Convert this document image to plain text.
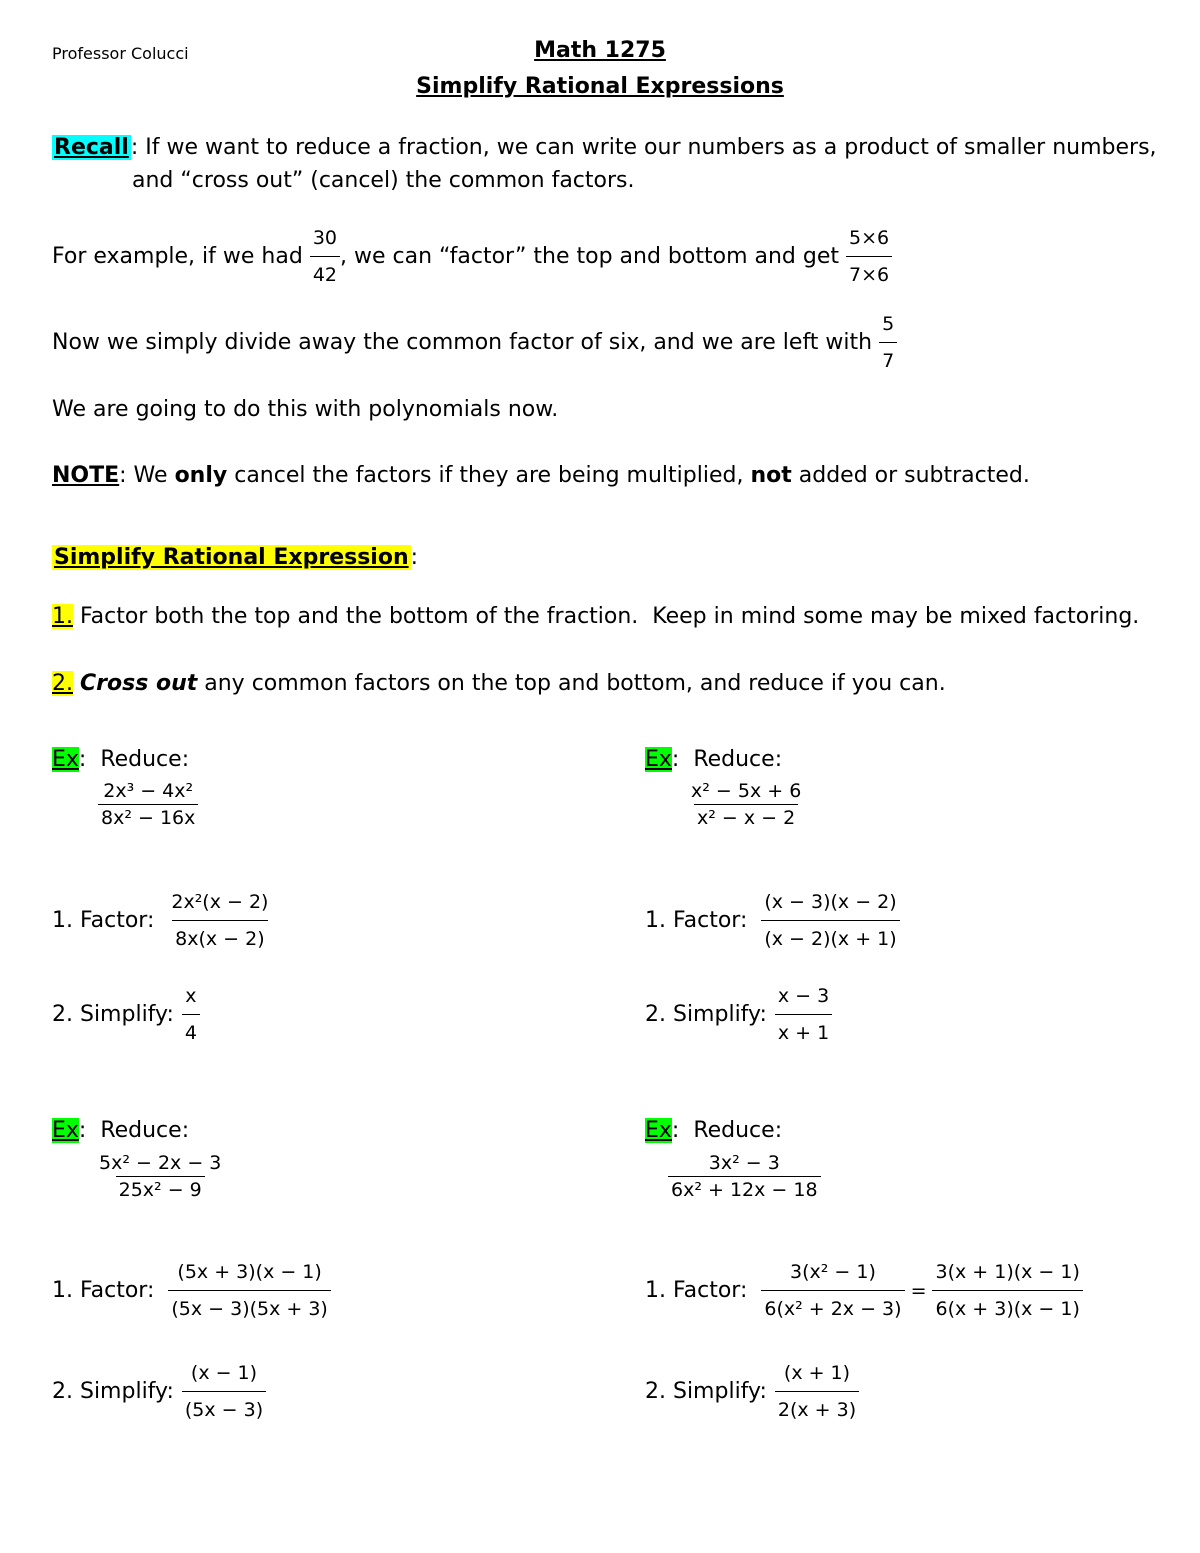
Professor Colucci	Math 1275
Simplify Rational Expressions
Recall: If we want to reduce a fraction, we can write our numbers as a product of smaller numbers,
and “cross out” (cancel) the common factors.
For example, if we had $\frac{30}{42}$ , we can “factor” the top and bottom and get $\frac{5\times 6}{7\times 6}$
Now we simply divide away the common factor of six, and we are left with $\frac{5}{7}$
We are going to do this with polynomials now.
NOTE: We only cancel the factors if they are being multiplied, not added or subtracted.
Simplify Rational Expression:
1. Factor both the top and the bottom of the fraction.  Keep in mind some may be mixed factoring.
2. Cross out any common factors on the top and bottom, and reduce if you can.
Ex:  Reduce:
$\frac{\text{2x³ − 4x²}}{\text{8x² − 16x}}$
1. Factor: $\frac{\text{2x²(x − 2)}}{8x(x - 2)}$
2. Simplify: $\frac{x}{4}$
Ex:  Reduce:
$\frac{\text{x² − 5x + 6}}{\text{x² − x − 2}}$
1. Factor: $\frac{(x - 3)(x - 2)}{(x - 2)(x + 1)}$
2. Simplify: $\frac{x - 3}{x + 1}$
Ex:  Reduce:
$\frac{\text{5x² − 2x − 3}}{\text{25x² − 9}}$
1. Factor: $\frac{(5x + 3)(x - 1)}{(5x - 3)(5x + 3)}$
2. Simplify: $\frac{(x - 1)}{(5x - 3)}$
Ex:  Reduce:
$\frac{\text{3x² − 3}}{\text{6x² + 12x − 18}}$
1. Factor: $\frac{\text{3(x² − 1)}}{\text{6(x² + 2x − 3)}} = \frac{3(x + 1)(x - 1)}{6(x + 3)(x - 1)}$
2. Simplify: $\frac{(x + 1)}{2(x + 3)}$
